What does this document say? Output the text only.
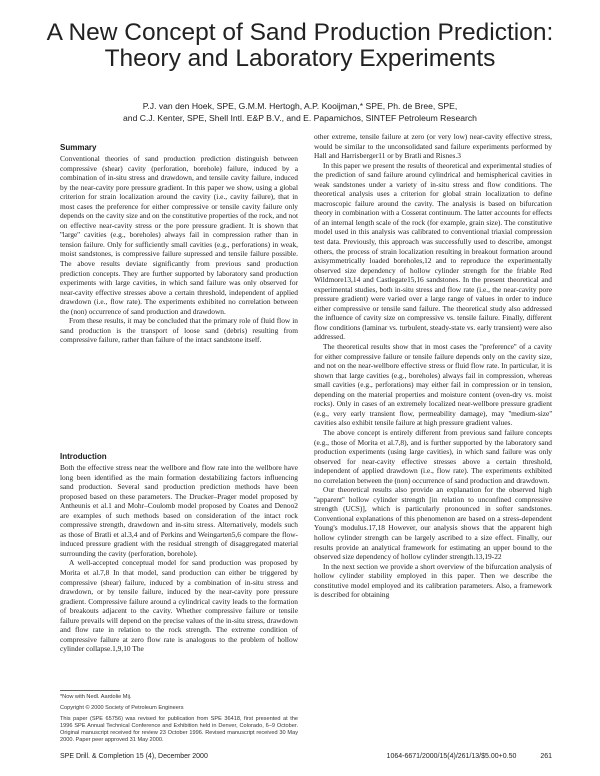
A New Concept of Sand Production Prediction: Theory and Laboratory Experiments
P.J. van den Hoek, SPE, G.M.M. Hertogh, A.P. Kooijman,* SPE, Ph. de Bree, SPE,
and C.J. Kenter, SPE, Shell Intl. E&P B.V., and E. Papamichos, SINTEF Petroleum Research
Summary

Conventional theories of sand production prediction distinguish between compressive (shear) cavity (perforation, borehole) failure, induced by a combination of in-situ stress and drawdown, and tensile cavity failure, induced by the near-cavity pore pressure gradient. In this paper we show, using a global criterion for strain localization around the cavity (i.e., cavity failure), that in most cases the preference for either compressive or tensile cavity failure only depends on the cavity size and on the constitutive properties of the rock, and not on effective near-cavity stress or the pore pressure gradient. It is shown that ''large'' cavities (e.g., boreholes) always fail in compression rather than in tension failure. Only for sufficiently small cavities (e.g., perforations) in weak, moist sandstones, is compressive failure supressed and tensile failure possible. The above results deviate significantly from previous sand production prediction concepts. They are further supported by laboratory sand production experiments with large cavities, in which sand failure was only observed for near-cavity effective stresses above a certain threshold, independent of applied drawdown (i.e., flow rate). The experiments exhibited no correlation between the (non) occurrence of sand production and drawdown.

From these results, it may be concluded that the primary role of fluid flow in sand production is the transport of loose sand (debris) resulting from compressive failure, rather than failure of the intact sandstone itself.

Introduction

Both the effective stress near the wellbore and flow rate into the wellbore have long been identified as the main formation destabilizing factors influencing sand production. Several sand production prediction methods have been proposed based on these parameters. The Drucker–Prager model proposed by Antheunis et al.1 and Mohr–Coulomb model proposed by Coates and Denoo2 are examples of such methods based on consideration of the intact rock compressive strength, drawdown and in-situ stress. Alternatively, models such as those of Bratli et al.3,4 and of Perkins and Weingarten5,6 compare the flow-induced pressure gradient with the residual strength of disaggregated material surrounding the cavity (perforation, borehole).

A well-accepted conceptual model for sand production was proposed by Morita et al.7,8 In that model, sand production can either be triggered by compressive (shear) failure, induced by a combination of in-situ stress and drawdown, or by tensile failure, induced by the near-cavity pore pressure gradient. Compressive failure around a cylindrical cavity leads to the formation of breakouts adjacent to the cavity. Whether compressive failure or tensile failure prevails will depend on the precise values of the in-situ stress, drawdown and flow rate in relation to the rock strength. The extreme condition of compressive failure at zero flow rate is analogous to the problem of hollow cylinder collapse.1,9,10 The

*Now with Nedl. Aardolie Mij.

Copyright © 2000 Society of Petroleum Engineers

This paper (SPE 65756) was revised for publication from SPE 36418, first presented at the 1996 SPE Annual Technical Conference and Exhibition held in Denver, Colorado, 6–9 October. Original manuscript received for review 23 October 1996. Revised manuscript received 30 May 2000. Paper peer approved 31 May 2000.

other extreme, tensile failure at zero (or very low) near-cavity effective stress, would be similar to the unconsolidated sand failure experiments performed by Hall and Harrisberger11 or by Bratli and Risnes.3

In this paper we present the results of theoretical and experimental studies of the prediction of sand failure around cylindrical and hemispherical cavities in weak sandstones under a variety of in-situ stress and flow conditions. The theoretical analysis uses a criterion for global strain localization to define macroscopic failure around the cavity. The analysis is based on bifurcation theory in combination with a Cosserat continuum. The latter accounts for effects of an internal length scale of the rock (for example, grain size). The constitutive model used in this analysis was calibrated to conventional triaxial compression test data. Previously, this approach was successfully used to describe, amongst others, the process of strain localization resulting in breakout formation around axisymmetrically loaded boreholes,12 and to reproduce the experimentally observed size dependency of hollow cylinder strength for the friable Red Wildmore13,14 and Castlegate15,16 sandstones. In the present theoretical and experimental studies, both in-situ stress and flow rate (i.e., the near-cavity pore pressure gradient) were varied over a large range of values in order to induce either compressive or tensile sand failure. The theoretical study also addressed the influence of cavity size on compressive vs. tensile failure. Finally, different flow conditions (laminar vs. turbulent, steady-state vs. early transient) were also addressed.

The theoretical results show that in most cases the ''preference'' of a cavity for either compressive failure or tensile failure depends only on the cavity size, and not on the near-wellbore effective stress or fluid flow rate. In particular, it is shown that large cavities (e.g., boreholes) always fail in compression, whereas small cavities (e.g., perforations) may either fail in compression or in tension, depending on the material properties and moisture content (oven-dry vs. moist rocks). Only in cases of an extremely localized near-wellbore pressure gradient (e.g., very early transient flow, permeability damage), may ''medium-size'' cavities also exhibit tensile failure at high pressure gradient values.

The above concept is entirely different from previous sand failure concepts (e.g., those of Morita et al.7,8), and is further supported by the laboratory sand production experiments (using large cavities), in which sand failure was only observed for near-cavity effective stresses above a certain threshold, independent of applied drawdown (i.e., flow rate). The experiments exhibited no correlation between the (non) occurrence of sand production and drawdown.

Our theoretical results also provide an explanation for the observed high ''apparent'' hollow cylinder strength [in relation to unconfined compressive strength (UCS)], which is particularly pronounced in softer sandstones. Conventional explanations of this phenomenon are based on a stress-dependent Young's modulus.17,18 However, our analysis shows that the apparent high hollow cylinder strength can be largely ascribed to a size effect. Finally, our results provide an analytical framework for estimating an upper bound to the observed size dependency of hollow cylinder strength.13,19-22

In the next section we provide a short overview of the bifurcation analysis of hollow cylinder stability employed in this paper. Then we describe the constitutive model employed and its calibration parameters. Also, a framework is described for obtaining

SPE Drill. & Completion 15 (4), December 2000	1064-6671/2000/15(4)/261/13/$5.00+0.50	261
